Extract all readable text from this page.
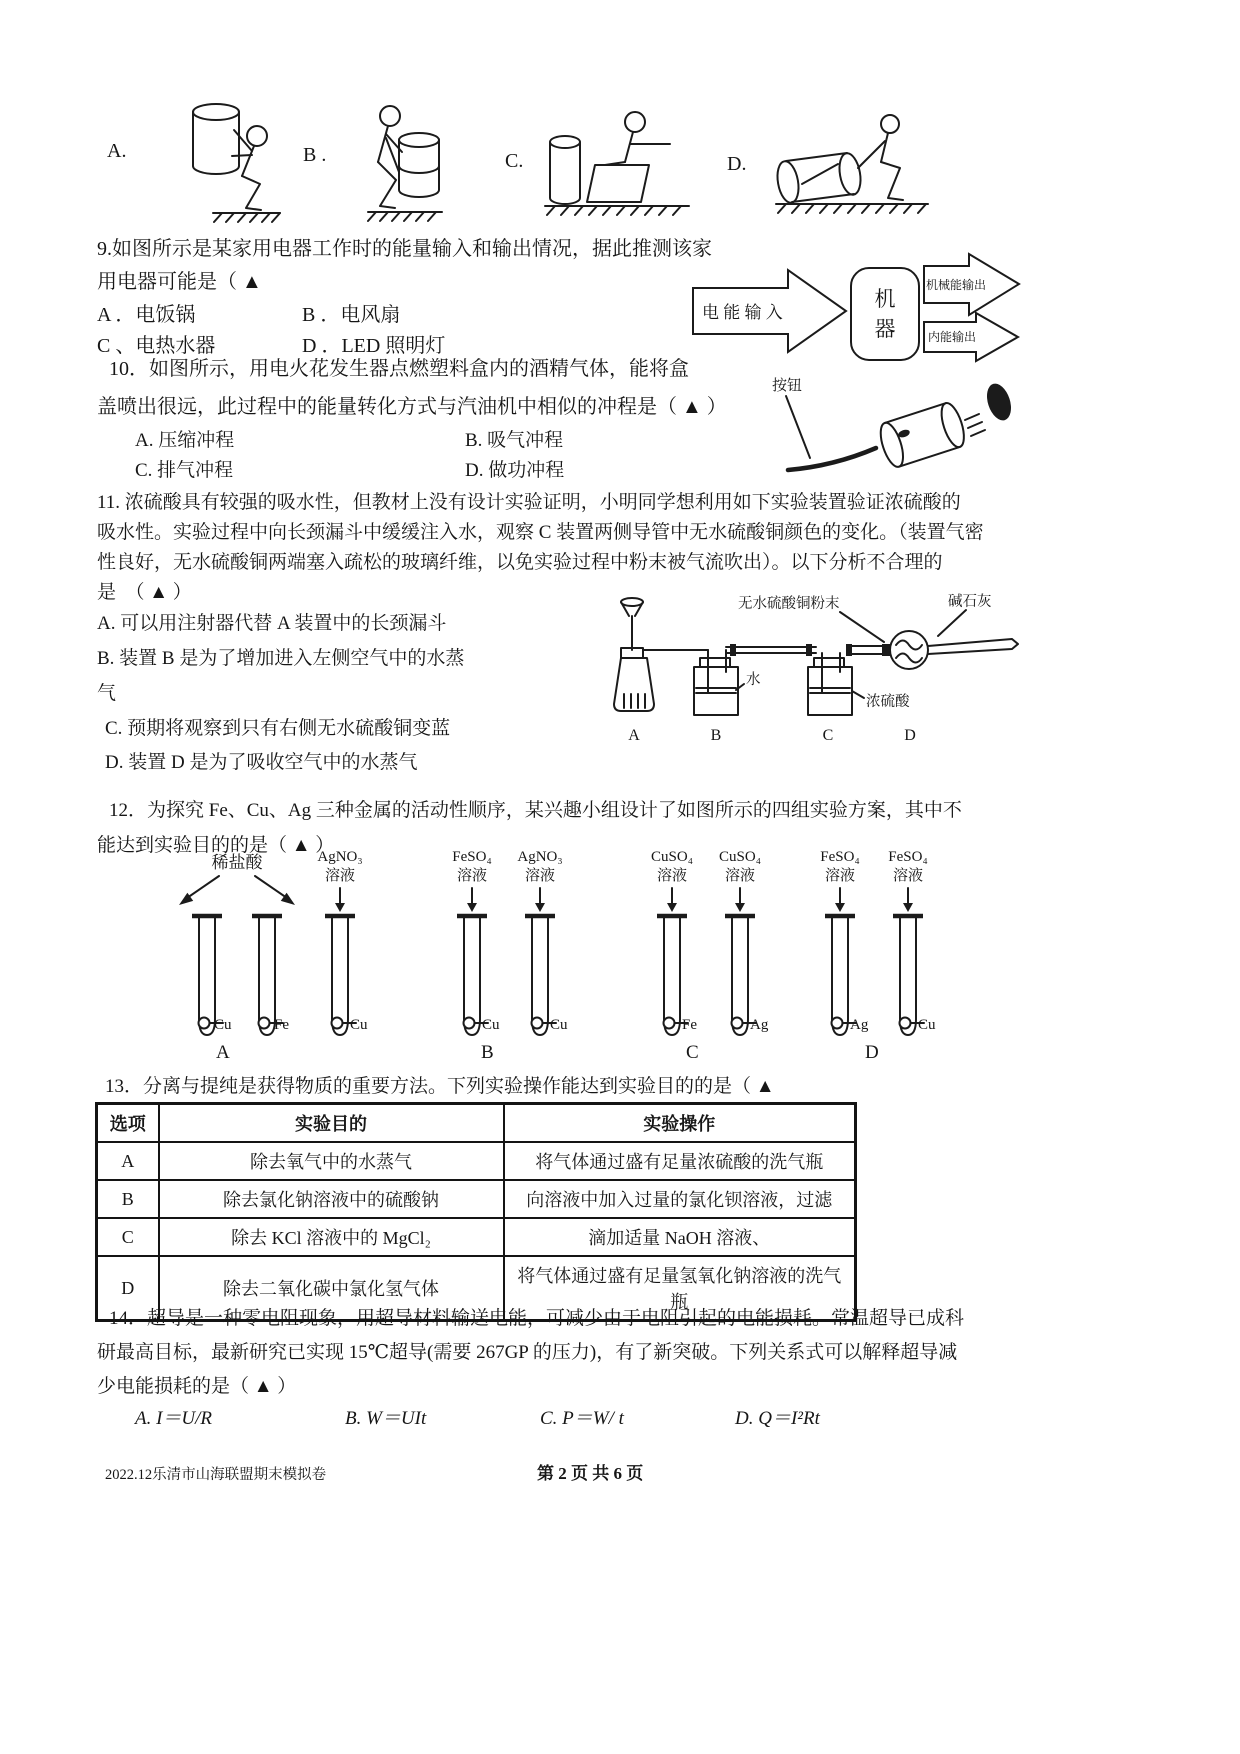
A.	B .	C.	D.
9.如图所示是某家用电器工作时的能量输入和输出情况，据此推测该家
用电器可能是（ ▲
A ．电饭锅	B ．电风扇
C 、电热水器	D ．LED 照明灯
电 能 输 入
机
器
机械能输出
内能输出
10．如图所示，用电火花发生器点燃塑料盒内的酒精气体，能将盒
盖喷出很远，此过程中的能量转化方式与汽油机中相似的冲程是（ ▲ ）
A. 压缩冲程	B. 吸气冲程
C. 排气冲程	D. 做功冲程
按钮
11. 浓硫酸具有较强的吸水性，但教材上没有设计实验证明，小明同学想利用如下实验装置验证浓硫酸的
吸水性。实验过程中向长颈漏斗中缓缓注入水，观察 C 装置两侧导管中无水硫酸铜颜色的变化。（装置气密
性良好，无水硫酸铜两端塞入疏松的玻璃纤维，以免实验过程中粉末被气流吹出）。以下分析不合理的
是　（ ▲ ）
A. 可以用注射器代替 A 装置中的长颈漏斗
B. 装置 B 是为了增加进入左侧空气中的水蒸
气
C. 预期将观察到只有右侧无水硫酸铜变蓝
D. 装置 D 是为了吸收空气中的水蒸气
无水硫酸铜粉末	碱石灰
水
浓硫酸
A	B	C	D
12．为探究 Fe、Cu、Ag 三种金属的活动性顺序，某兴趣小组设计了如图所示的四组实验方案，其中不
能达到实验目的的是（ ▲ ）
稀盐酸
Cu	Fe
AgNO₃
溶液
Cu
FeSO₄
溶液
Cu
AgNO₃
溶液
Cu
CuSO₄
溶液
Fe
CuSO₄
溶液
Ag
FeSO₄
溶液
Ag
FeSO₄
溶液
Cu
A	B	C	D
13．分离与提纯是获得物质的重要方法。下列实验操作能达到实验目的的是（ ▲
选项	实验目的	实验操作
A	除去氧气中的水蒸气	将气体通过盛有足量浓硫酸的洗气瓶
B	除去氯化钠溶液中的硫酸钠	向溶液中加入过量的氯化钡溶液，过滤
C	除去 KCl 溶液中的 MgCl₂	滴加适量 NaOH 溶液、
D	除去二氧化碳中氯化氢气体	将气体通过盛有足量氢氧化钠溶液的洗气瓶
14．超导是一种零电阻现象，用超导材料输送电能，可减少由于电阻引起的电能损耗。常温超导已成科
研最高目标，最新研究已实现 15℃超导(需要 267GP 的压力)，有了新突破。下列关系式可以解释超导减
少电能损耗的是（ ▲ ）
A. I＝U/R	B. W＝UIt	C. P＝W/ t	D. Q＝I²Rt
2022.12乐清市山海联盟期末模拟卷	第 2 页 共 6 页
